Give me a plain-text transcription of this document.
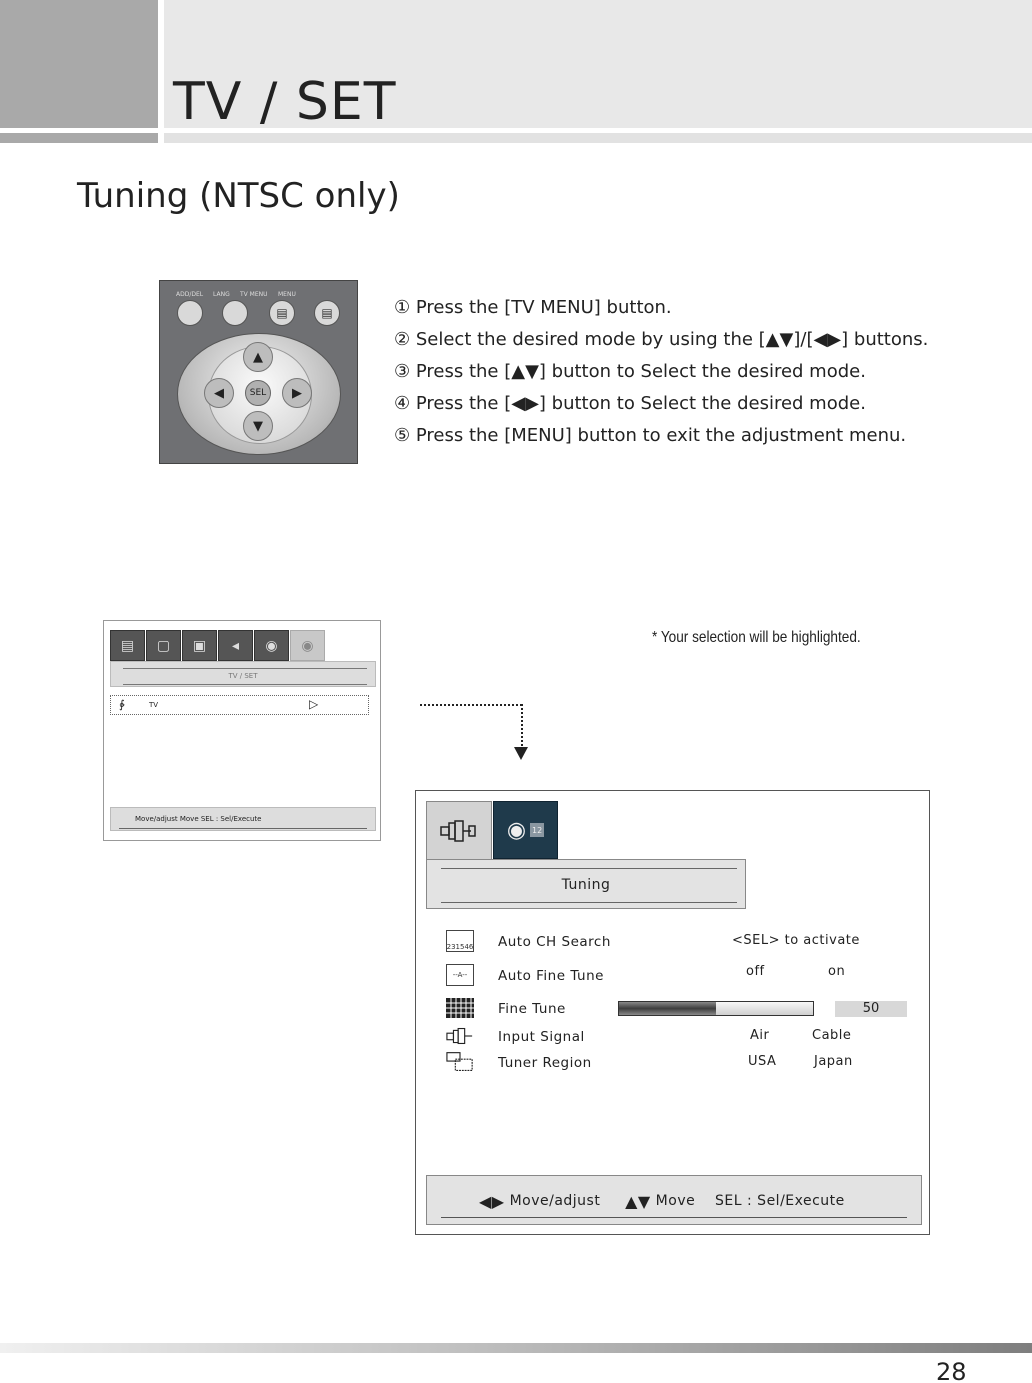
TV / SET
Tuning (NTSC only)
ADD/DEL LANG TV MENU MENU
▤	▤
▲
▼
◀	▶
SEL
① Press the [TV MENU] button.
② Select the desired mode by using the [▲▼]/[◀▶] buttons.
③ Press the [▲▼] button to Select the desired mode.
④ Press the [◀▶] button to Select the desired mode.
⑤ Press the [MENU] button to exit the adjustment menu.
▤	▢	▣	◂	◉	◉
TV / SET
∲	TV	▷
Move/adjust Move SEL : Sel/Execute
* Your selection will be highlighted.
◉ 12
Tuning
231546 Auto CH Search	<SEL> to activate
--A-- Auto Fine Tune	off	on
Fine Tune	50
Input Signal	Air	Cable
Tuner Region	USA	Japan
◀▶ Move/adjust ▲▼ Move SEL : Sel/Execute
28
